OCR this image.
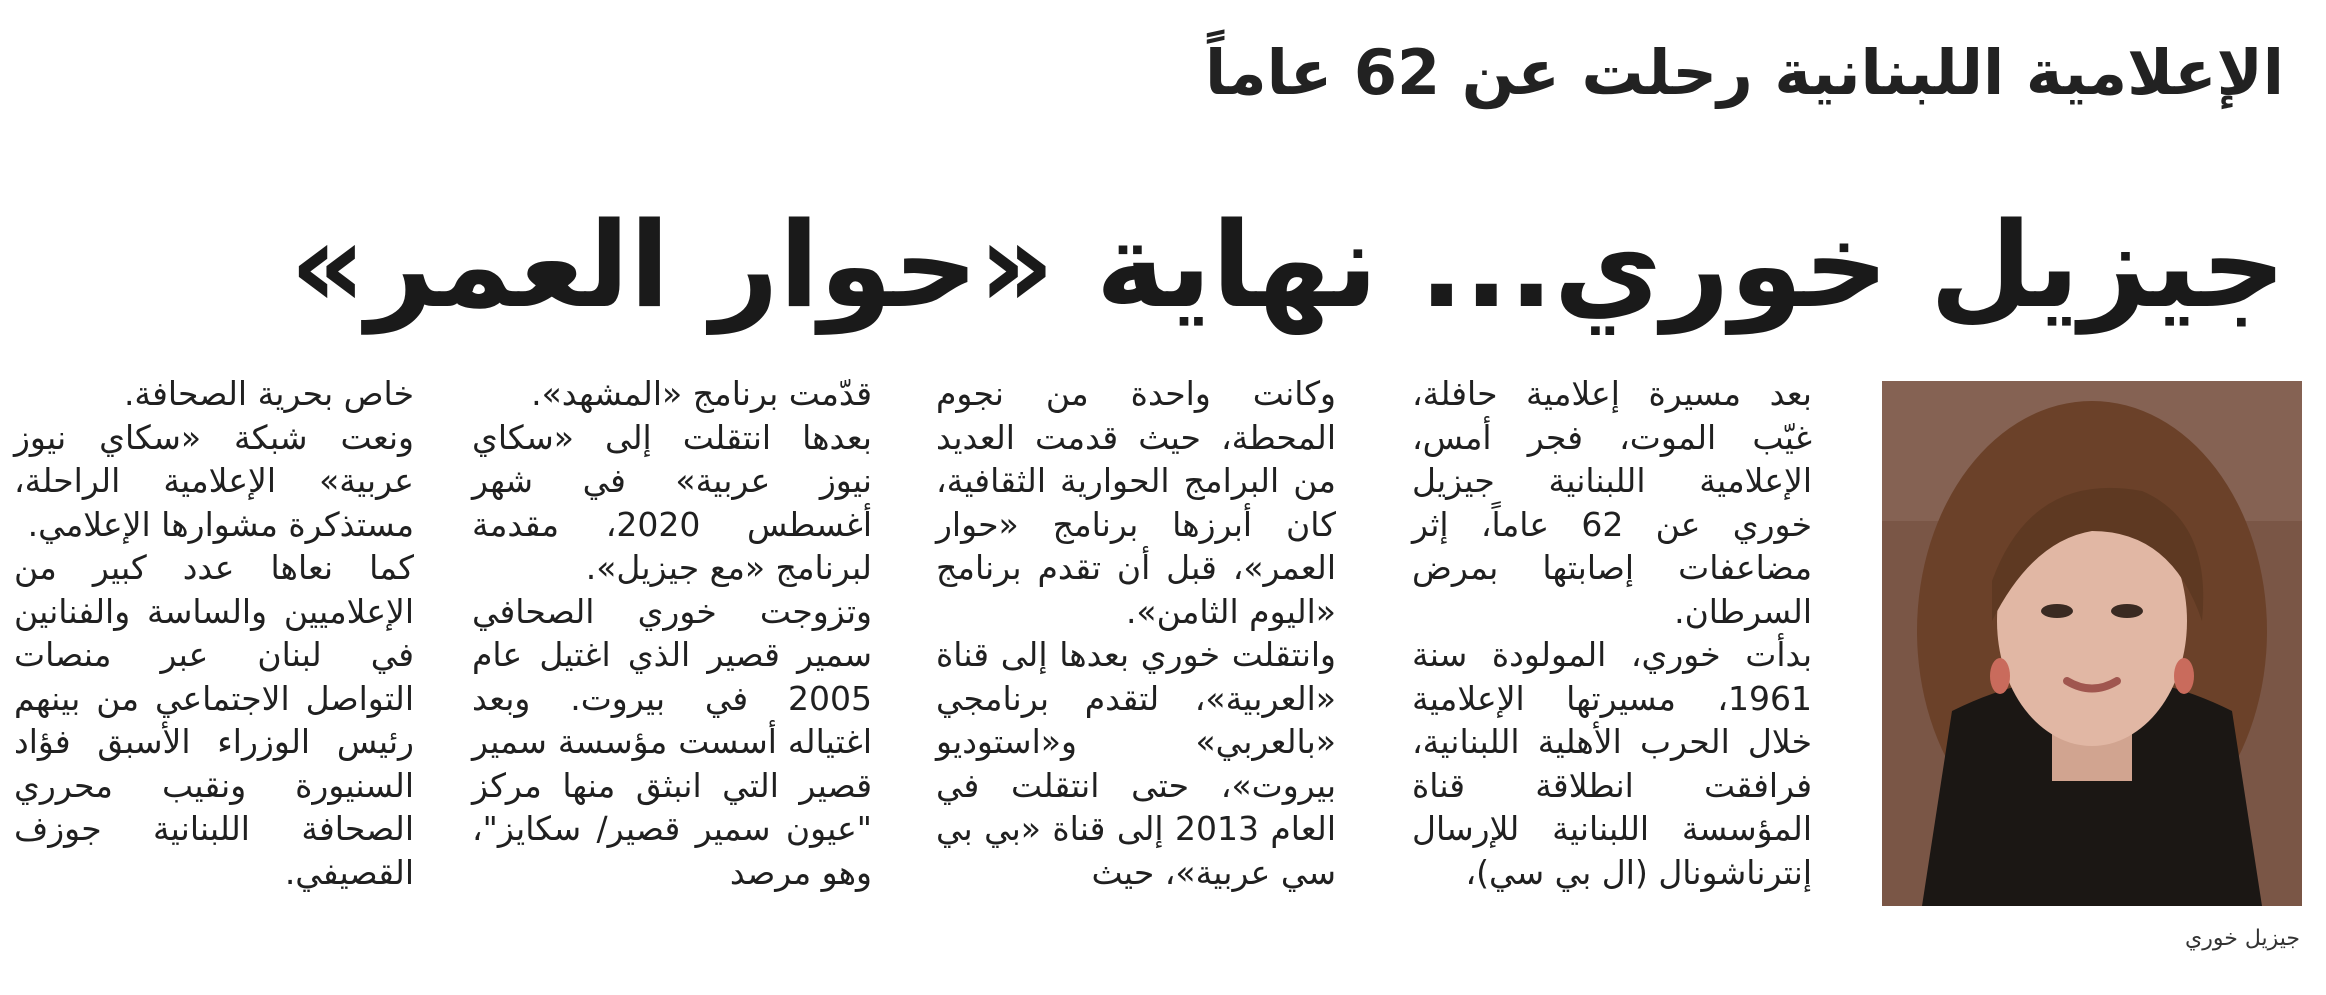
الإعلامية اللبنانية رحلت عن 62 عاماً
جيزيل خوري... نهاية «حوار العمر»
جيزيل خوري
بعد مسيرة إعلامية حافلة، غيّب الموت، فجر أمس، الإعلامية اللبنانية جيزيل خوري عن 62 عاماً، إثر مضاعفات إصابتها بمرض السرطان.
بدأت خوري، المولودة سنة 1961، مسيرتها الإعلامية خلال الحرب الأهلية اللبنانية، فرافقت انطلاقة قناة المؤسسة اللبنانية للإرسال إنترناشونال (ال بي سي)،
وكانت واحدة من نجوم المحطة، حيث قدمت العديد من البرامج الحوارية الثقافية، كان أبرزها برنامج «حوار العمر»، قبل أن تقدم برنامج «اليوم الثامن».
وانتقلت خوري بعدها إلى قناة «العربية»، لتقدم برنامجي «بالعربي» و«استوديو بيروت»، حتى انتقلت في العام 2013 إلى قناة «بي بي سي عربية»، حيث
قدّمت برنامج «المشهد».
بعدها انتقلت إلى «سكاي نيوز عربية» في شهر أغسطس 2020، مقدمة لبرنامج «مع جيزيل».
وتزوجت خوري الصحافي سمير قصير الذي اغتيل عام 2005 في بيروت. وبعد اغتياله أسست مؤسسة سمير قصير التي انبثق منها مركز "عيون سمير قصير/ سكايز"، وهو مرصد
خاص بحرية الصحافة.
ونعت شبكة «سكاي نيوز عربية» الإعلامية الراحلة، مستذكرة مشوارها الإعلامي.
كما نعاها عدد كبير من الإعلاميين والساسة والفنانين في لبنان عبر منصات التواصل الاجتماعي من بينهم رئيس الوزراء الأسبق فؤاد السنيورة ونقيب محرري الصحافة اللبنانية جوزف القصيفي.
